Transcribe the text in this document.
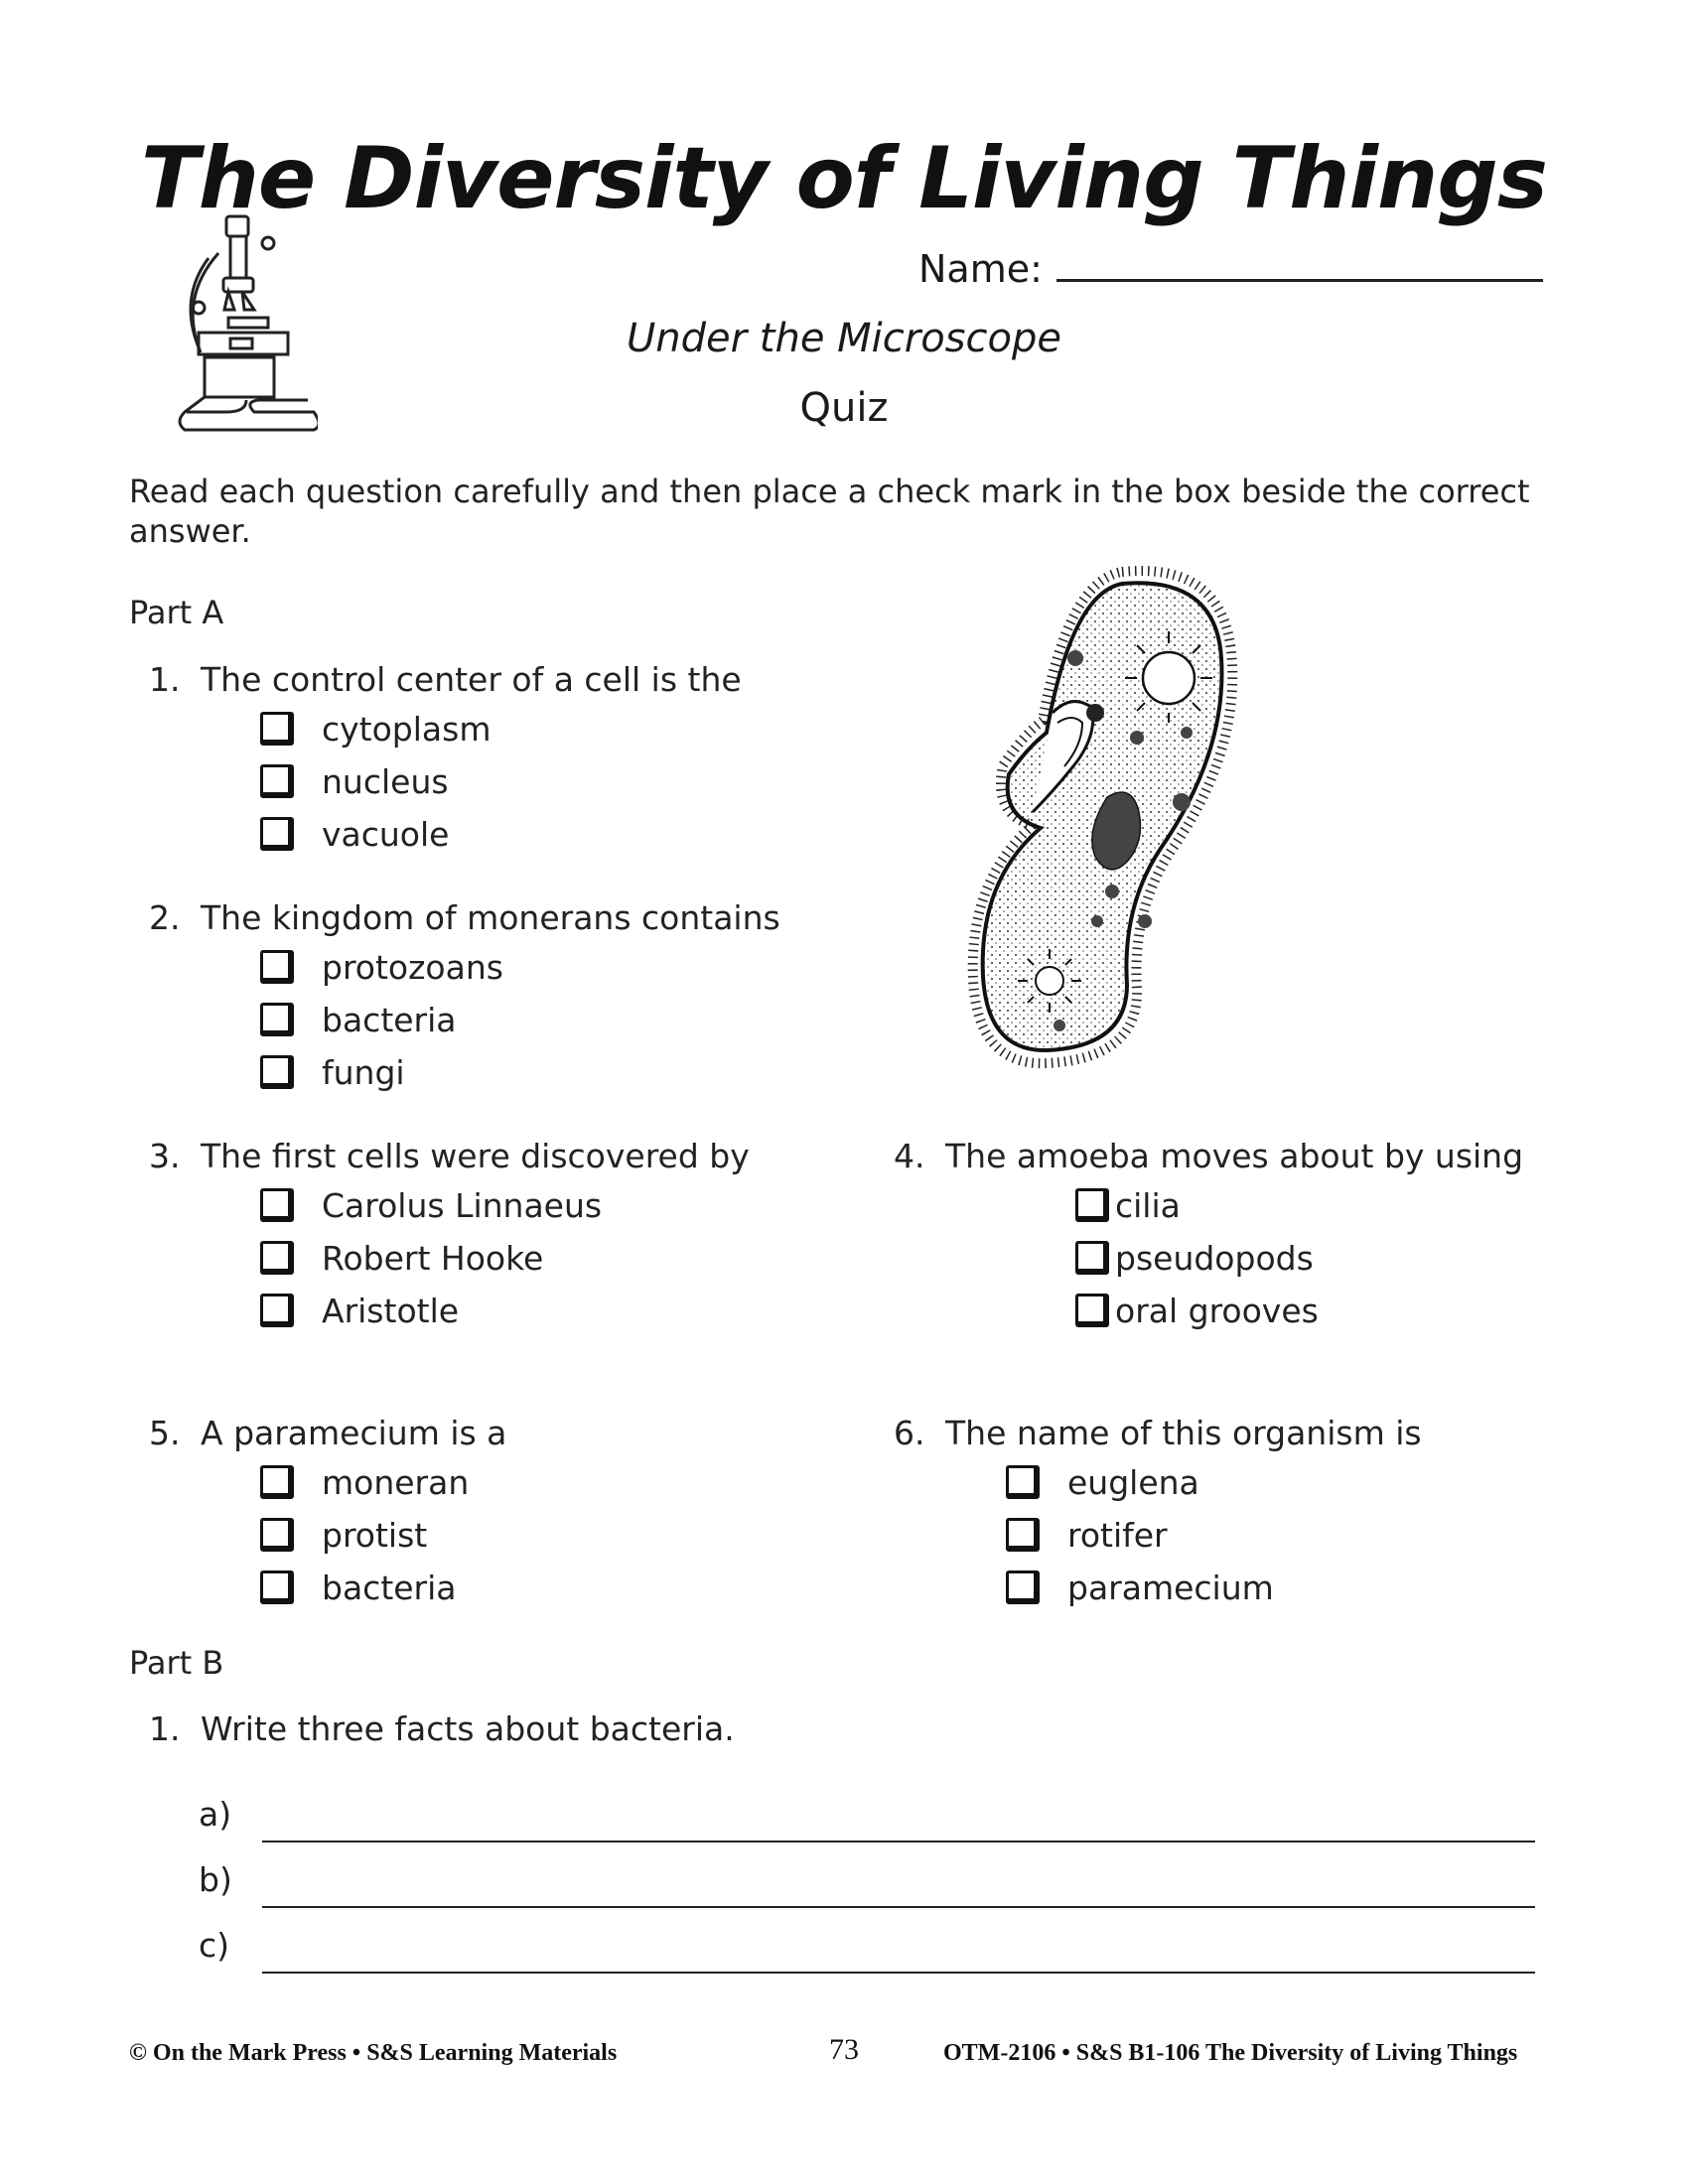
The Diversity of Living Things
Name:
Under the Microscope
Quiz
Read each question carefully and then place a check mark in the box beside the correct answer.
Part A
1. The control center of a cell is the
cytoplasm
nucleus
vacuole
2. The kingdom of monerans contains
protozoans
bacteria
fungi
3. The first cells were discovered by
Carolus Linnaeus
Robert Hooke
Aristotle
4. The amoeba moves about by using
cilia
pseudopods
oral grooves
5. A paramecium is a
moneran
protist
bacteria
6. The name of this organism is
euglena
rotifer
paramecium
Part B
1. Write three facts about bacteria.
a)
b)
c)
© On the Mark Press • S&S Learning Materials	73	OTM-2106 • S&S B1-106 The Diversity of Living Things
